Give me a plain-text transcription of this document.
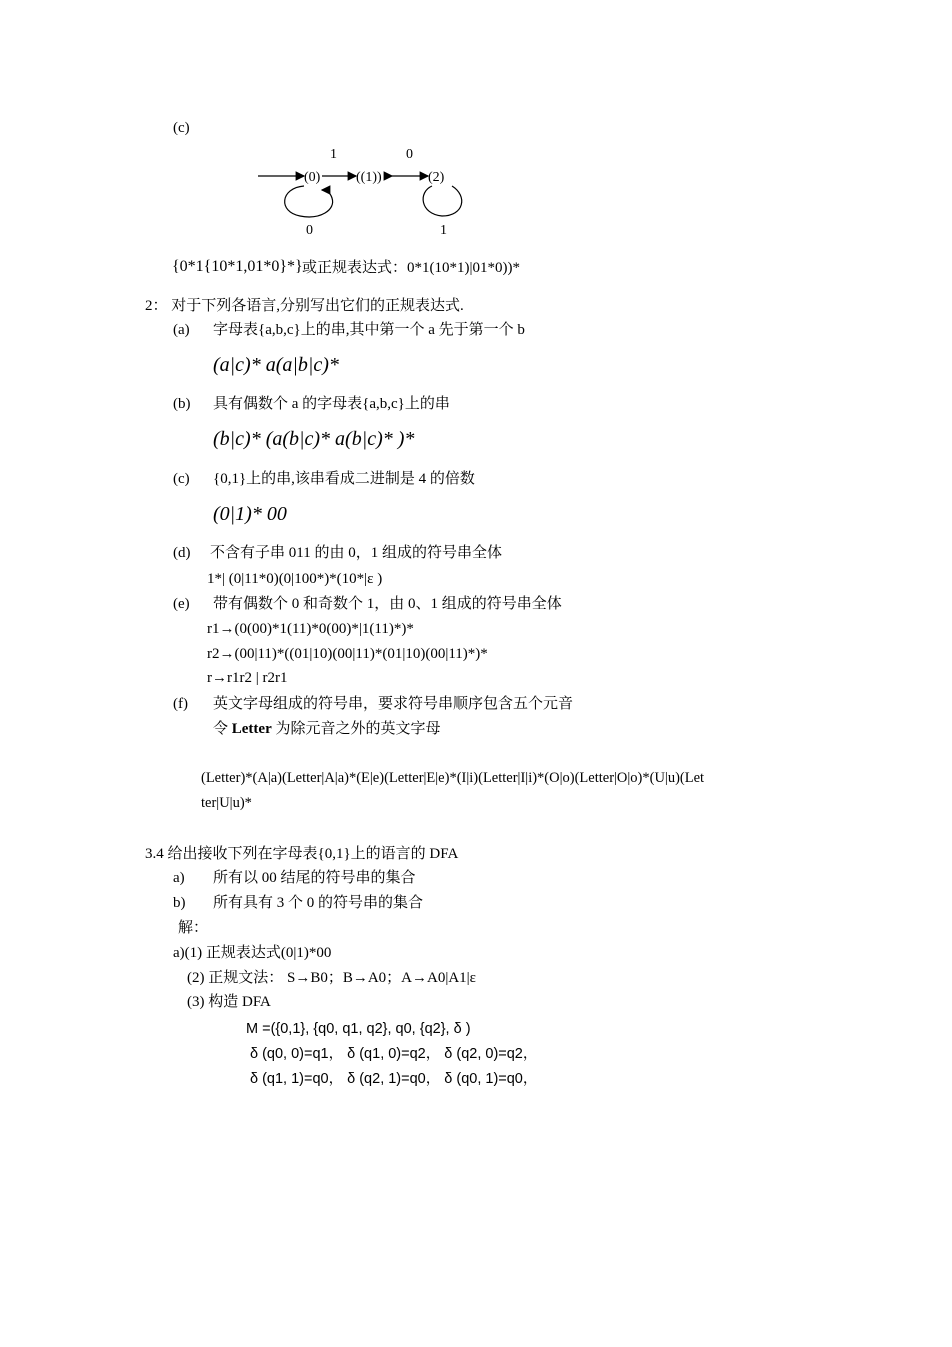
(c)
1	0
(0)	((1))	(2)
0	1
{0*1{10*1,01*0}*} 或正规表达式：0*1(10*1)|01*0))*
2： 对于下列各语言,分别写出它们的正规表达式.
(a) 字母表{a,b,c}上的串,其中第一个 a 先于第一个 b
(a|c)* a(a|b|c)*
(b) 具有偶数个 a 的字母表{a,b,c}上的串
(b|c)* (a(b|c)* a(b|c)* )*
(c) {0,1}上的串,该串看成二进制是 4 的倍数
(0|1)* 00
(d) 不含有子串 011 的由 0，1 组成的符号串全体
1*| (0|11*0)(0|100*)*(10*|ε )
(e) 带有偶数个 0 和奇数个 1，由 0、1 组成的符号串全体
r1→(0(00)*1(11)*0(00)*|1(11)*)*
r2→(00|11)*((01|10)(00|11)*(01|10)(00|11)*)*
r→r1r2 | r2r1
(f) 英文字母组成的符号串，要求符号串顺序包含五个元音
令 Letter 为除元音之外的英文字母
(Letter)*(A|a)(Letter|A|a)*(E|e)(Letter|E|e)*(I|i)(Letter|I|i)*(O|o)(Letter|O|o)*(U|u)(Let
ter|U|u)*
3.4 给出接收下列在字母表{0,1}上的语言的 DFA
a) 所有以 00 结尾的符号串的集合
b) 所有具有 3 个 0 的符号串的集合
解：
a)(1) 正规表达式(0|1)*00
(2) 正规文法： S→B0；B→A0；A→A0|A1|ε
(3) 构造 DFA
M =({0,1}, {q0, q1, q2}, q0, {q2}, δ )
δ (q0, 0)=q1， δ (q1, 0)=q2， δ (q2, 0)=q2，
δ (q1, 1)=q0， δ (q2, 1)=q0， δ (q0, 1)=q0，
